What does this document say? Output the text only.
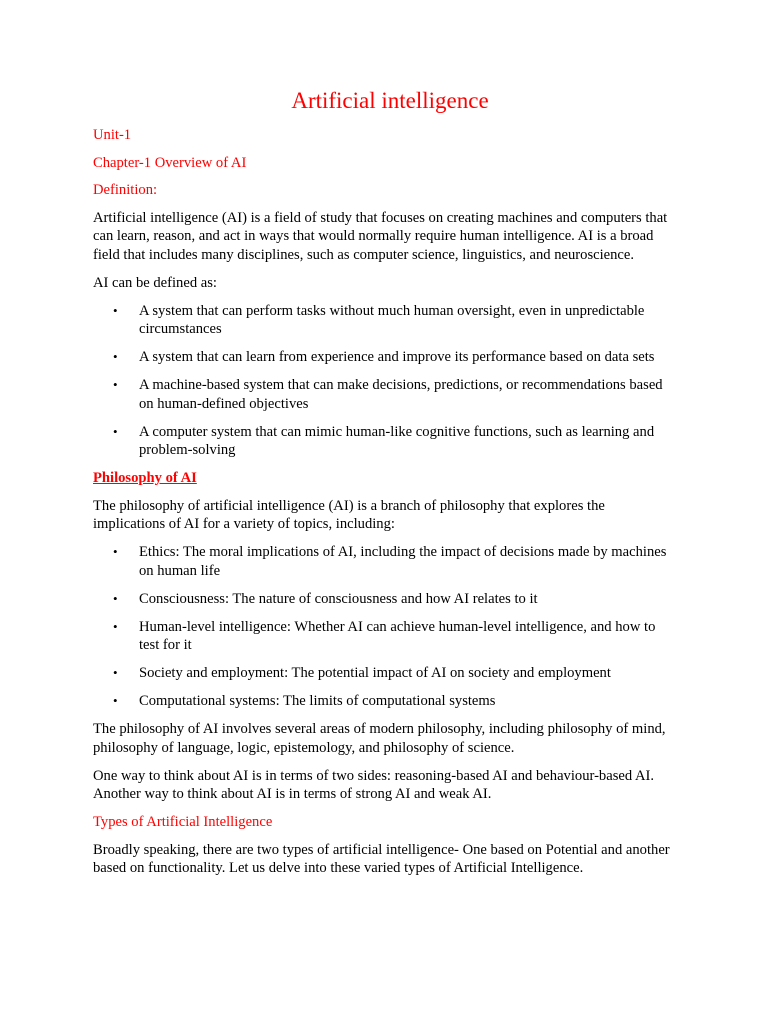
Artificial intelligence

Unit-1

Chapter-1 Overview of AI

Definition:

Artificial intelligence (AI) is a field of study that focuses on creating machines and computers that can learn, reason, and act in ways that would normally require human intelligence. AI is a broad field that includes many disciplines, such as computer science, linguistics, and neuroscience.

AI can be defined as:

• A system that can perform tasks without much human oversight, even in unpredictable circumstances
• A system that can learn from experience and improve its performance based on data sets
• A machine-based system that can make decisions, predictions, or recommendations based on human-defined objectives
• A computer system that can mimic human-like cognitive functions, such as learning and problem-solving

Philosophy of AI

The philosophy of artificial intelligence (AI) is a branch of philosophy that explores the implications of AI for a variety of topics, including:

• Ethics: The moral implications of AI, including the impact of decisions made by machines on human life
• Consciousness: The nature of consciousness and how AI relates to it
• Human-level intelligence: Whether AI can achieve human-level intelligence, and how to test for it
• Society and employment: The potential impact of AI on society and employment
• Computational systems: The limits of computational systems

The philosophy of AI involves several areas of modern philosophy, including philosophy of mind, philosophy of language, logic, epistemology, and philosophy of science.

One way to think about AI is in terms of two sides: reasoning-based AI and behaviour-based AI. Another way to think about AI is in terms of strong AI and weak AI.

Types of Artificial Intelligence

Broadly speaking, there are two types of artificial intelligence- One based on Potential and another based on functionality. Let us delve into these varied types of Artificial Intelligence.
